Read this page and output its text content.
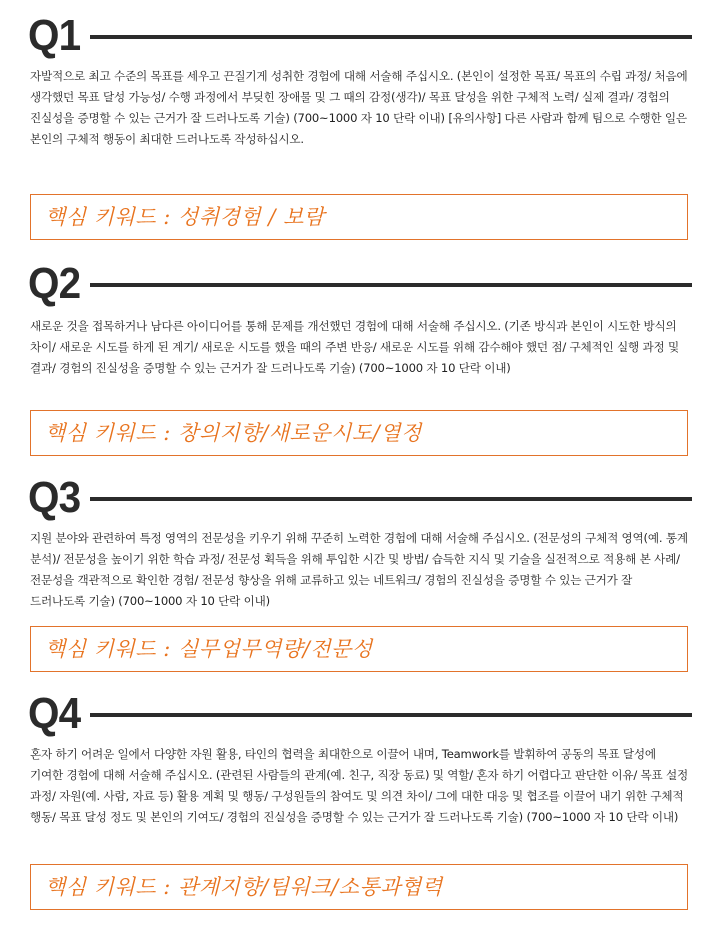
Q1
자발적으로 최고 수준의 목표를 세우고 끈질기게 성취한 경험에 대해 서술해 주십시오. (본인이 설정한 목표/ 목표의 수립 과정/ 처음에 생각했던 목표 달성 가능성/ 수행 과정에서 부딪힌 장애물 및 그 때의 감정(생각)/ 목표 달성을 위한 구체적 노력/ 실제 결과/ 경험의 진실성을 증명할 수 있는 근거가 잘 드러나도록 기술) (700~1000 자 10 단락 이내) [유의사항] 다른 사람과 함께 팀으로 수행한 일은 본인의 구체적 행동이 최대한 드러나도록 작성하십시오.
핵심 키워드 : 성취경험 / 보람
Q2
새로운 것을 접목하거나 남다른 아이디어를 통해 문제를 개선했던 경험에 대해 서술해 주십시오. (기존 방식과 본인이 시도한 방식의 차이/ 새로운 시도를 하게 된 계기/ 새로운 시도를 했을 때의 주변 반응/ 새로운 시도를 위해 감수해야 했던 점/ 구체적인 실행 과정 및 결과/ 경험의 진실성을 증명할 수 있는 근거가 잘 드러나도록 기술) (700~1000 자 10 단락 이내)
핵심 키워드 : 창의지향/새로운시도/열정
Q3
지원 분야와 관련하여 특정 영역의 전문성을 키우기 위해 꾸준히 노력한 경험에 대해 서술해 주십시오. (전문성의 구체적 영역(예. 통계 분석)/ 전문성을 높이기 위한 학습 과정/ 전문성 획득을 위해 투입한 시간 및 방법/ 습득한 지식 및 기술을 실전적으로 적용해 본 사례/ 전문성을 객관적으로 확인한 경험/ 전문성 향상을 위해 교류하고 있는 네트워크/ 경험의 진실성을 증명할 수 있는 근거가 잘 드러나도록 기술) (700~1000 자 10 단락 이내)
핵심 키워드 : 실무업무역량/전문성
Q4
혼자 하기 어려운 일에서 다양한 자원 활용, 타인의 협력을 최대한으로 이끌어 내며, Teamwork를 발휘하여 공동의 목표 달성에 기여한 경험에 대해 서술해 주십시오. (관련된 사람들의 관계(예. 친구, 직장 동료) 및 역할/ 혼자 하기 어렵다고 판단한 이유/ 목표 설정 과정/ 자원(예. 사람, 자료 등) 활용 계획 및 행동/ 구성원들의 참여도 및 의견 차이/ 그에 대한 대응 및 협조를 이끌어 내기 위한 구체적 행동/ 목표 달성 정도 및 본인의 기여도/ 경험의 진실성을 증명할 수 있는 근거가 잘 드러나도록 기술) (700~1000 자 10 단락 이내)
핵심 키워드 : 관계지향/팀워크/소통과협력
